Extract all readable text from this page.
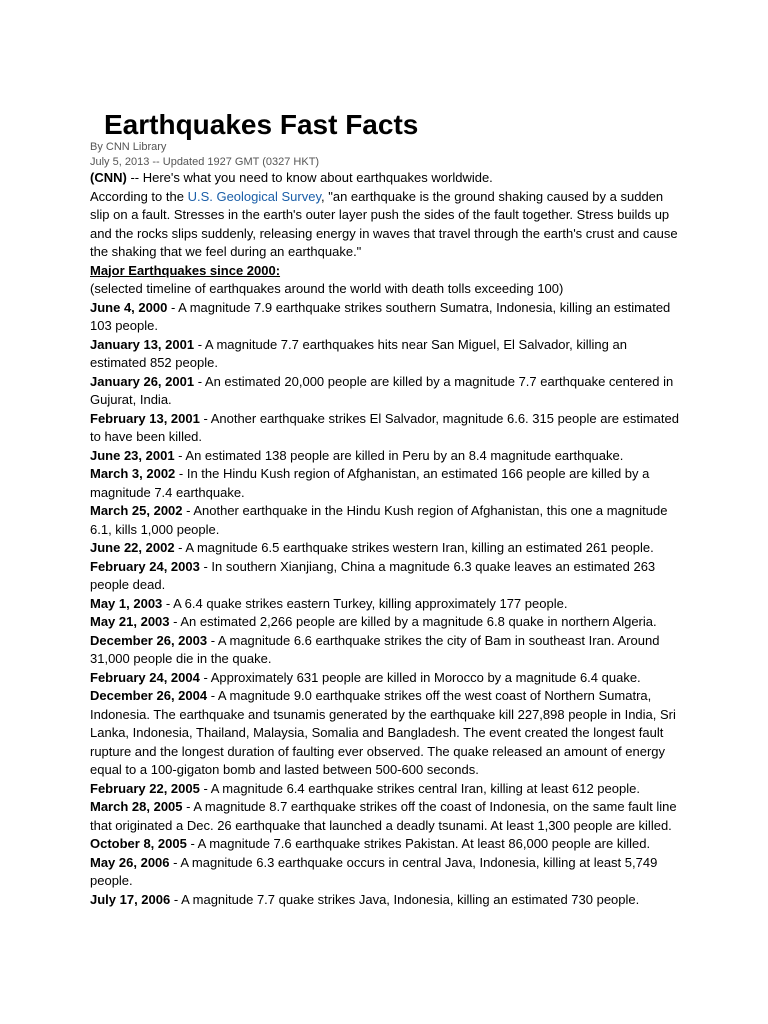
Earthquakes Fast Facts
By CNN Library
July 5, 2013 -- Updated 1927 GMT (0327 HKT)

(CNN) -- Here's what you need to know about earthquakes worldwide.

According to the U.S. Geological Survey, "an earthquake is the ground shaking caused by a sudden slip on a fault. Stresses in the earth's outer layer push the sides of the fault together. Stress builds up and the rocks slips suddenly, releasing energy in waves that travel through the earth's crust and cause the shaking that we feel during an earthquake."

Major Earthquakes since 2000:

(selected timeline of earthquakes around the world with death tolls exceeding 100)

June 4, 2000 - A magnitude 7.9 earthquake strikes southern Sumatra, Indonesia, killing an estimated 103 people.

January 13, 2001 - A magnitude 7.7 earthquakes hits near San Miguel, El Salvador, killing an estimated 852 people.

January 26, 2001 - An estimated 20,000 people are killed by a magnitude 7.7 earthquake centered in Gujurat, India.

February 13, 2001 - Another earthquake strikes El Salvador, magnitude 6.6. 315 people are estimated to have been killed.

June 23, 2001 - An estimated 138 people are killed in Peru by an 8.4 magnitude earthquake.

March 3, 2002 - In the Hindu Kush region of Afghanistan, an estimated 166 people are killed by a magnitude 7.4 earthquake.

March 25, 2002 - Another earthquake in the Hindu Kush region of Afghanistan, this one a magnitude 6.1, kills 1,000 people.

June 22, 2002 - A magnitude 6.5 earthquake strikes western Iran, killing an estimated 261 people.

February 24, 2003 - In southern Xianjiang, China a magnitude 6.3 quake leaves an estimated 263 people dead.

May 1, 2003 - A 6.4 quake strikes eastern Turkey, killing approximately 177 people.

May 21, 2003 - An estimated 2,266 people are killed by a magnitude 6.8 quake in northern Algeria.

December 26, 2003 - A magnitude 6.6 earthquake strikes the city of Bam in southeast Iran. Around 31,000 people die in the quake.

February 24, 2004 - Approximately 631 people are killed in Morocco by a magnitude 6.4 quake.

December 26, 2004 - A magnitude 9.0 earthquake strikes off the west coast of Northern Sumatra, Indonesia. The earthquake and tsunamis generated by the earthquake kill 227,898 people in India, Sri Lanka, Indonesia, Thailand, Malaysia, Somalia and Bangladesh. The event created the longest fault rupture and the longest duration of faulting ever observed. The quake released an amount of energy equal to a 100-gigaton bomb and lasted between 500-600 seconds.

February 22, 2005 - A magnitude 6.4 earthquake strikes central Iran, killing at least 612 people.

March 28, 2005 - A magnitude 8.7 earthquake strikes off the coast of Indonesia, on the same fault line that originated a Dec. 26 earthquake that launched a deadly tsunami. At least 1,300 people are killed.

October 8, 2005 - A magnitude 7.6 earthquake strikes Pakistan. At least 86,000 people are killed.

May 26, 2006 - A magnitude 6.3 earthquake occurs in central Java, Indonesia, killing at least 5,749 people.

July 17, 2006 - A magnitude 7.7 quake strikes Java, Indonesia, killing an estimated 730 people.
